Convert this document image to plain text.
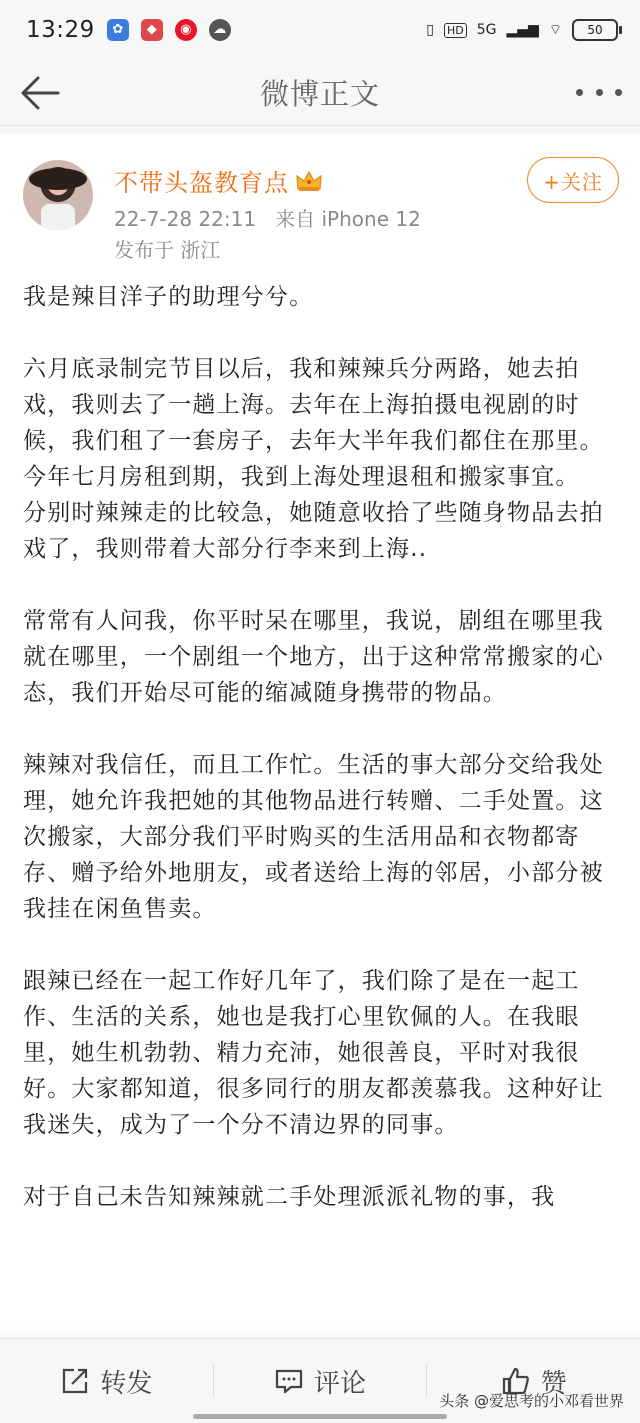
13:29	✿	◆	◉	☁	▯ HD 5G ▂▄▆ ⌔	50
微博正文
不带头盔教育点
22-7-28 22:11 来自 iPhone 12
发布于 浙江
+关注

我是辣目洋子的助理兮兮。

六月底录制完节目以后，我和辣辣兵分两路，她去拍戏，我则去了一趟上海。去年在上海拍摄电视剧的时候，我们租了一套房子，去年大半年我们都住在那里。今年七月房租到期，我到上海处理退租和搬家事宜。

分别时辣辣走的比较急，她随意收拾了些随身物品去拍戏了，我则带着大部分行李来到上海..

常常有人问我，你平时呆在哪里，我说，剧组在哪里我就在哪里，一个剧组一个地方，出于这种常常搬家的心态，我们开始尽可能的缩减随身携带的物品。

辣辣对我信任，而且工作忙。生活的事大部分交给我处理，她允许我把她的其他物品进行转赠、二手处置。这次搬家，大部分我们平时购买的生活用品和衣物都寄存、赠予给外地朋友，或者送给上海的邻居，小部分被我挂在闲鱼售卖。

跟辣已经在一起工作好几年了，我们除了是在一起工作、生活的关系，她也是我打心里钦佩的人。在我眼里，她生机勃勃、精力充沛，她很善良，平时对我很好。大家都知道，很多同行的朋友都羡慕我。这种好让我迷失，成为了一个分不清边界的同事。

对于自己未告知辣辣就二手处理派派礼物的事，我

转发	评论	赞
头条 @爱思考的小邓看世界
